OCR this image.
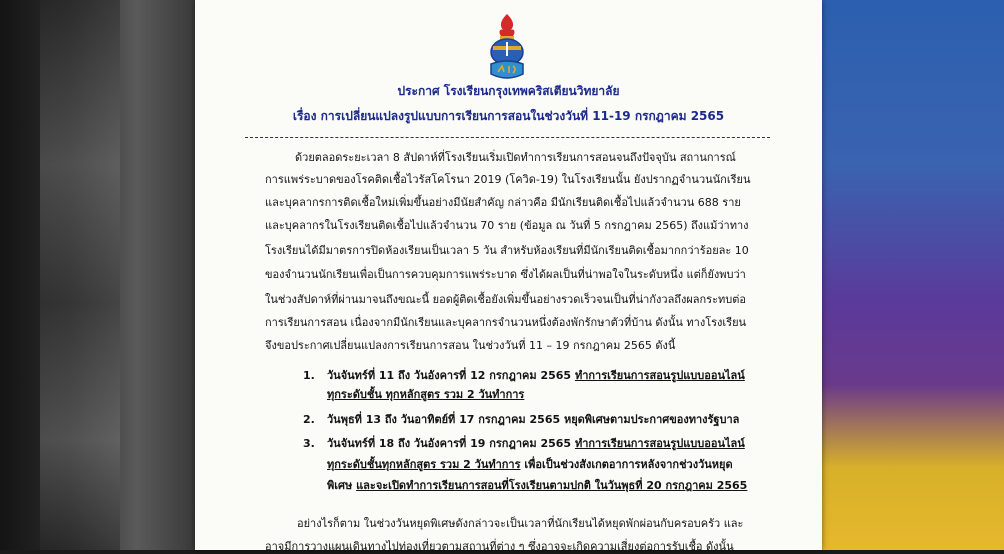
ประกาศ โรงเรียนกรุงเทพคริสเตียนวิทยาลัย
เรื่อง การเปลี่ยนแปลงรูปแบบการเรียนการสอนในช่วงวันที่ 11-19 กรกฎาคม 2565
ด้วยตลอดระยะเวลา 8 สัปดาห์ที่โรงเรียนเริ่มเปิดทำการเรียนการสอนจนถึงปัจจุบัน สถานการณ์
การแพร่ระบาดของโรคติดเชื้อไวรัสโคโรนา 2019 (โควิด-19) ในโรงเรียนนั้น ยังปรากฏจำนวนนักเรียน
และบุคลากรการติดเชื้อใหม่เพิ่มขึ้นอย่างมีนัยสำคัญ กล่าวคือ มีนักเรียนติดเชื้อไปแล้วจำนวน 688 ราย
และบุคลากรในโรงเรียนติดเชื้อไปแล้วจำนวน 70 ราย (ข้อมูล ณ วันที่ 5 กรกฎาคม 2565) ถึงแม้ว่าทาง
โรงเรียนได้มีมาตรการปิดห้องเรียนเป็นเวลา 5 วัน สำหรับห้องเรียนที่มีนักเรียนติดเชื้อมากกว่าร้อยละ 10
ของจำนวนนักเรียนเพื่อเป็นการควบคุมการแพร่ระบาด ซึ่งได้ผลเป็นที่น่าพอใจในระดับหนึ่ง แต่ก็ยังพบว่า
ในช่วงสัปดาห์ที่ผ่านมาจนถึงขณะนี้ ยอดผู้ติดเชื้อยังเพิ่มขึ้นอย่างรวดเร็วจนเป็นที่น่ากังวลถึงผลกระทบต่อ
การเรียนการสอน เนื่องจากมีนักเรียนและบุคลากรจำนวนหนึ่งต้องพักรักษาตัวที่บ้าน ดังนั้น ทางโรงเรียน
จึงขอประกาศเปลี่ยนแปลงการเรียนการสอน ในช่วงวันที่ 11 – 19 กรกฎาคม 2565 ดังนี้
1. วันจันทร์ที่ 11 ถึง วันอังคารที่ 12 กรกฎาคม 2565 ทำการเรียนการสอนรูปแบบออนไลน์
ทุกระดับชั้น ทุกหลักสูตร รวม 2 วันทำการ
2. วันพุธที่ 13 ถึง วันอาทิตย์ที่ 17 กรกฎาคม 2565 หยุดพิเศษตามประกาศของทางรัฐบาล
3. วันจันทร์ที่ 18 ถึง วันอังคารที่ 19 กรกฎาคม 2565 ทำการเรียนการสอนรูปแบบออนไลน์
ทุกระดับชั้นทุกหลักสูตร รวม 2 วันทำการ เพื่อเป็นช่วงสังเกตอาการหลังจากช่วงวันหยุด
พิเศษ และจะเปิดทำการเรียนการสอนที่โรงเรียนตามปกติ ในวันพุธที่ 20 กรกฎาคม 2565
อย่างไรก็ตาม ในช่วงวันหยุดพิเศษดังกล่าวจะเป็นเวลาที่นักเรียนได้หยุดพักผ่อนกับครอบครัว และ
อาจมีการวางแผนเดินทางไปท่องเที่ยวตามสถานที่ต่าง ๆ ซึ่งอาจจะเกิดความเสี่ยงต่อการรับเชื้อ ดังนั้น
